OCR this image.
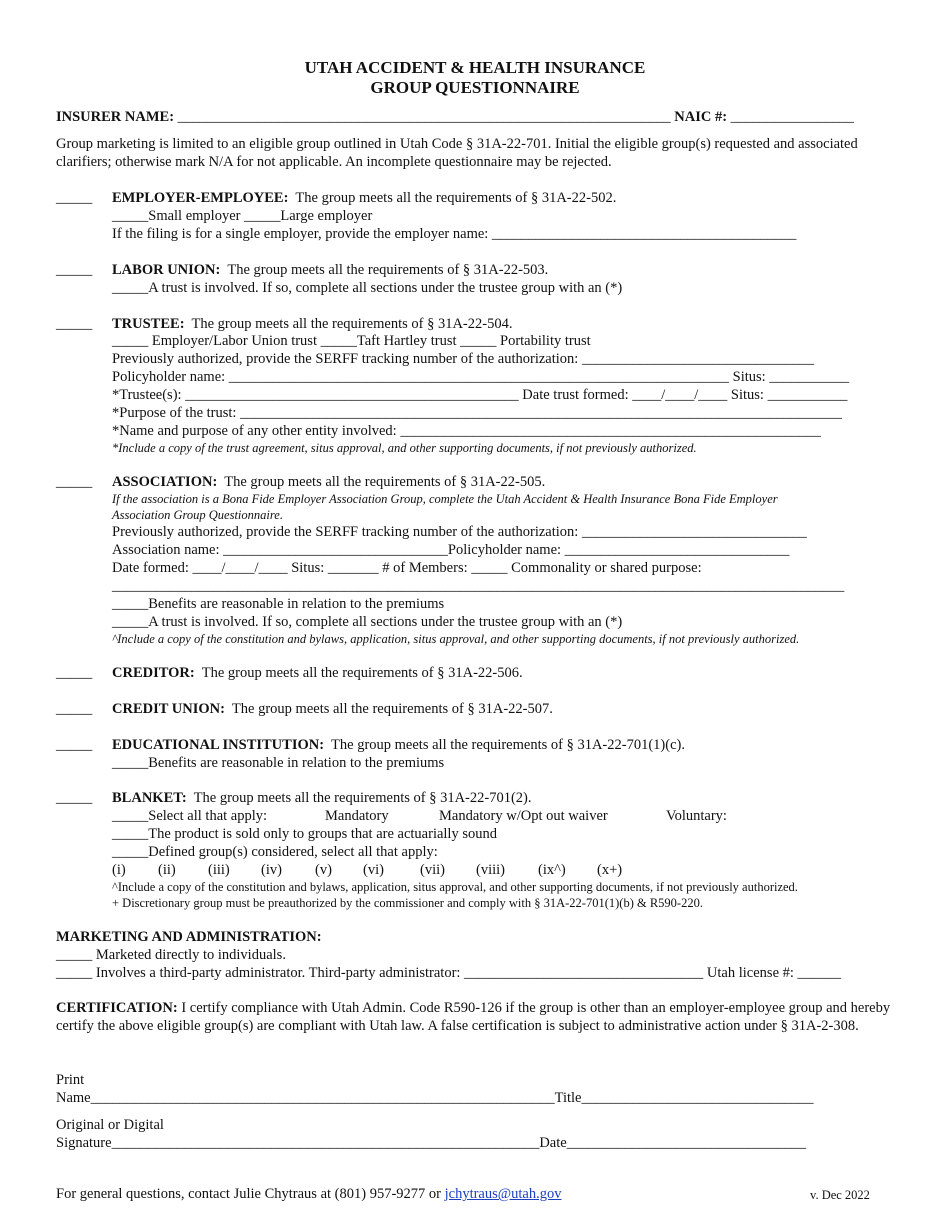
UTAH ACCIDENT & HEALTH INSURANCE
GROUP QUESTIONNAIRE
INSURER NAME: ____________________________________________________________________ NAIC #: _________________
Group marketing is limited to an eligible group outlined in Utah Code § 31A-22-701. Initial the eligible group(s) requested and associated clarifiers; otherwise mark N/A for not applicable. An incomplete questionnaire may be rejected.
_____ EMPLOYER-EMPLOYEE:  The group meets all the requirements of § 31A-22-502.
_____Small employer _____Large employer
If the filing is for a single employer, provide the employer name: __________________________________________
_____ LABOR UNION:  The group meets all the requirements of § 31A-22-503.
_____A trust is involved. If so, complete all sections under the trustee group with an (*)
_____ TRUSTEE:  The group meets all the requirements of § 31A-22-504.
_____ Employer/Labor Union trust _____Taft Hartley trust _____ Portability trust
Previously authorized, provide the SERFF tracking number of the authorization: ________________________________
Policyholder name: _____________________________________________________________________ Situs: ___________
*Trustee(s): ______________________________________________ Date trust formed: ____/____/____ Situs: ___________
*Purpose of the trust: ___________________________________________________________________________________
*Name and purpose of any other entity involved: __________________________________________________________
*Include a copy of the trust agreement, situs approval, and other supporting documents, if not previously authorized.
_____ ASSOCIATION:  The group meets all the requirements of § 31A-22-505.
If the association is a Bona Fide Employer Association Group, complete the Utah Accident & Health Insurance Bona Fide Employer
Association Group Questionnaire.
Previously authorized, provide the SERFF tracking number of the authorization: _______________________________
Association name: _______________________________Policyholder name: _______________________________
Date formed: ____/____/____ Situs: _______ # of Members: _____ Commonality or shared purpose:
_____________________________________________________________________________________________________
_____Benefits are reasonable in relation to the premiums
_____A trust is involved. If so, complete all sections under the trustee group with an (*)
^Include a copy of the constitution and bylaws, application, situs approval, and other supporting documents, if not previously authorized.
_____ CREDITOR:  The group meets all the requirements of § 31A-22-506.
_____ CREDIT UNION:  The group meets all the requirements of § 31A-22-507.
_____ EDUCATIONAL INSTITUTION:  The group meets all the requirements of § 31A-22-701(1)(c).
_____Benefits are reasonable in relation to the premiums
_____ BLANKET:  The group meets all the requirements of § 31A-22-701(2).
_____Select all that apply:	Mandatory	Mandatory w/Opt out waiver	Voluntary:
_____The product is sold only to groups that are actuarially sound
_____Defined group(s) considered, select all that apply:
(i) (ii) (iii) (iv) (v) (vi) (vii) (viii) (ix^) (x+)
^Include a copy of the constitution and bylaws, application, situs approval, and other supporting documents, if not previously authorized.
+ Discretionary group must be preauthorized by the commissioner and comply with § 31A-22-701(1)(b) & R590-220.
MARKETING AND ADMINISTRATION:
_____ Marketed directly to individuals.
_____ Involves a third-party administrator. Third-party administrator: _________________________________ Utah license #: ______
CERTIFICATION: I certify compliance with Utah Admin. Code R590-126 if the group is other than an employer-employee group and hereby certify the above eligible group(s) are compliant with Utah law. A false certification is subject to administrative action under § 31A-2-308.
Print
Name________________________________________________________________Title________________________________
Original or Digital
Signature___________________________________________________________Date_________________________________
For general questions, contact Julie Chytraus at (801) 957-9277 or jchytraus@utah.gov	v. Dec 2022
